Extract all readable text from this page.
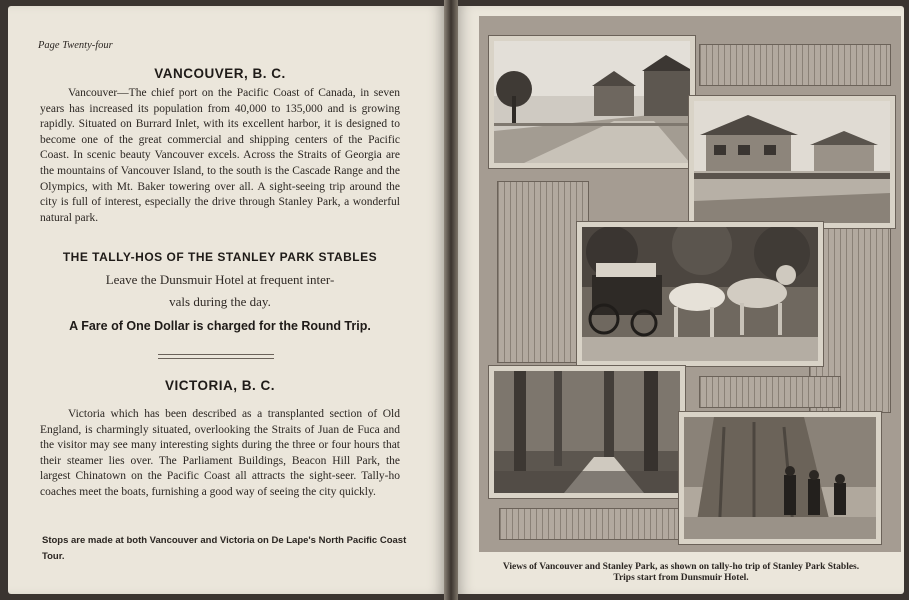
Page Twenty-four
VANCOUVER, B. C.
Vancouver—The chief port on the Pacific Coast of Canada, in seven years has increased its population from 40,000 to 135,000 and is growing rapidly. Situated on Burrard Inlet, with its excellent harbor, it is designed to become one of the great commercial and shipping centers of the Pacific Coast. In scenic beauty Vancouver excels. Across the Straits of Georgia are the mountains of Vancouver Island, to the south is the Cascade Range and the Olympics, with Mt. Baker towering over all. A sight-seeing trip around the city is full of interest, especially the drive through Stanley Park, a wonderful natural park.
THE TALLY-HOS OF THE STANLEY PARK STABLES
Leave the Dunsmuir Hotel at frequent inter-
vals during the day.
A Fare of One Dollar is charged for the Round Trip.
VICTORIA, B. C.
Victoria which has been described as a transplanted section of Old England, is charmingly situated, overlooking the Straits of Juan de Fuca and the visitor may see many interesting sights during the three or four hours that their steamer lies over. The Parliament Buildings, Beacon Hill Park, the largest Chinatown on the Pacific Coast all attracts the sight-seer. Tally-ho coaches meet the boats, furnishing a good way of seeing the city quickly.
Stops are made at both Vancouver and Victoria on De Lape's North Pacific Coast Tour.
Views of Vancouver and Stanley Park, as shown on tally-ho trip of Stanley Park Stables.
Trips start from Dunsmuir Hotel.
